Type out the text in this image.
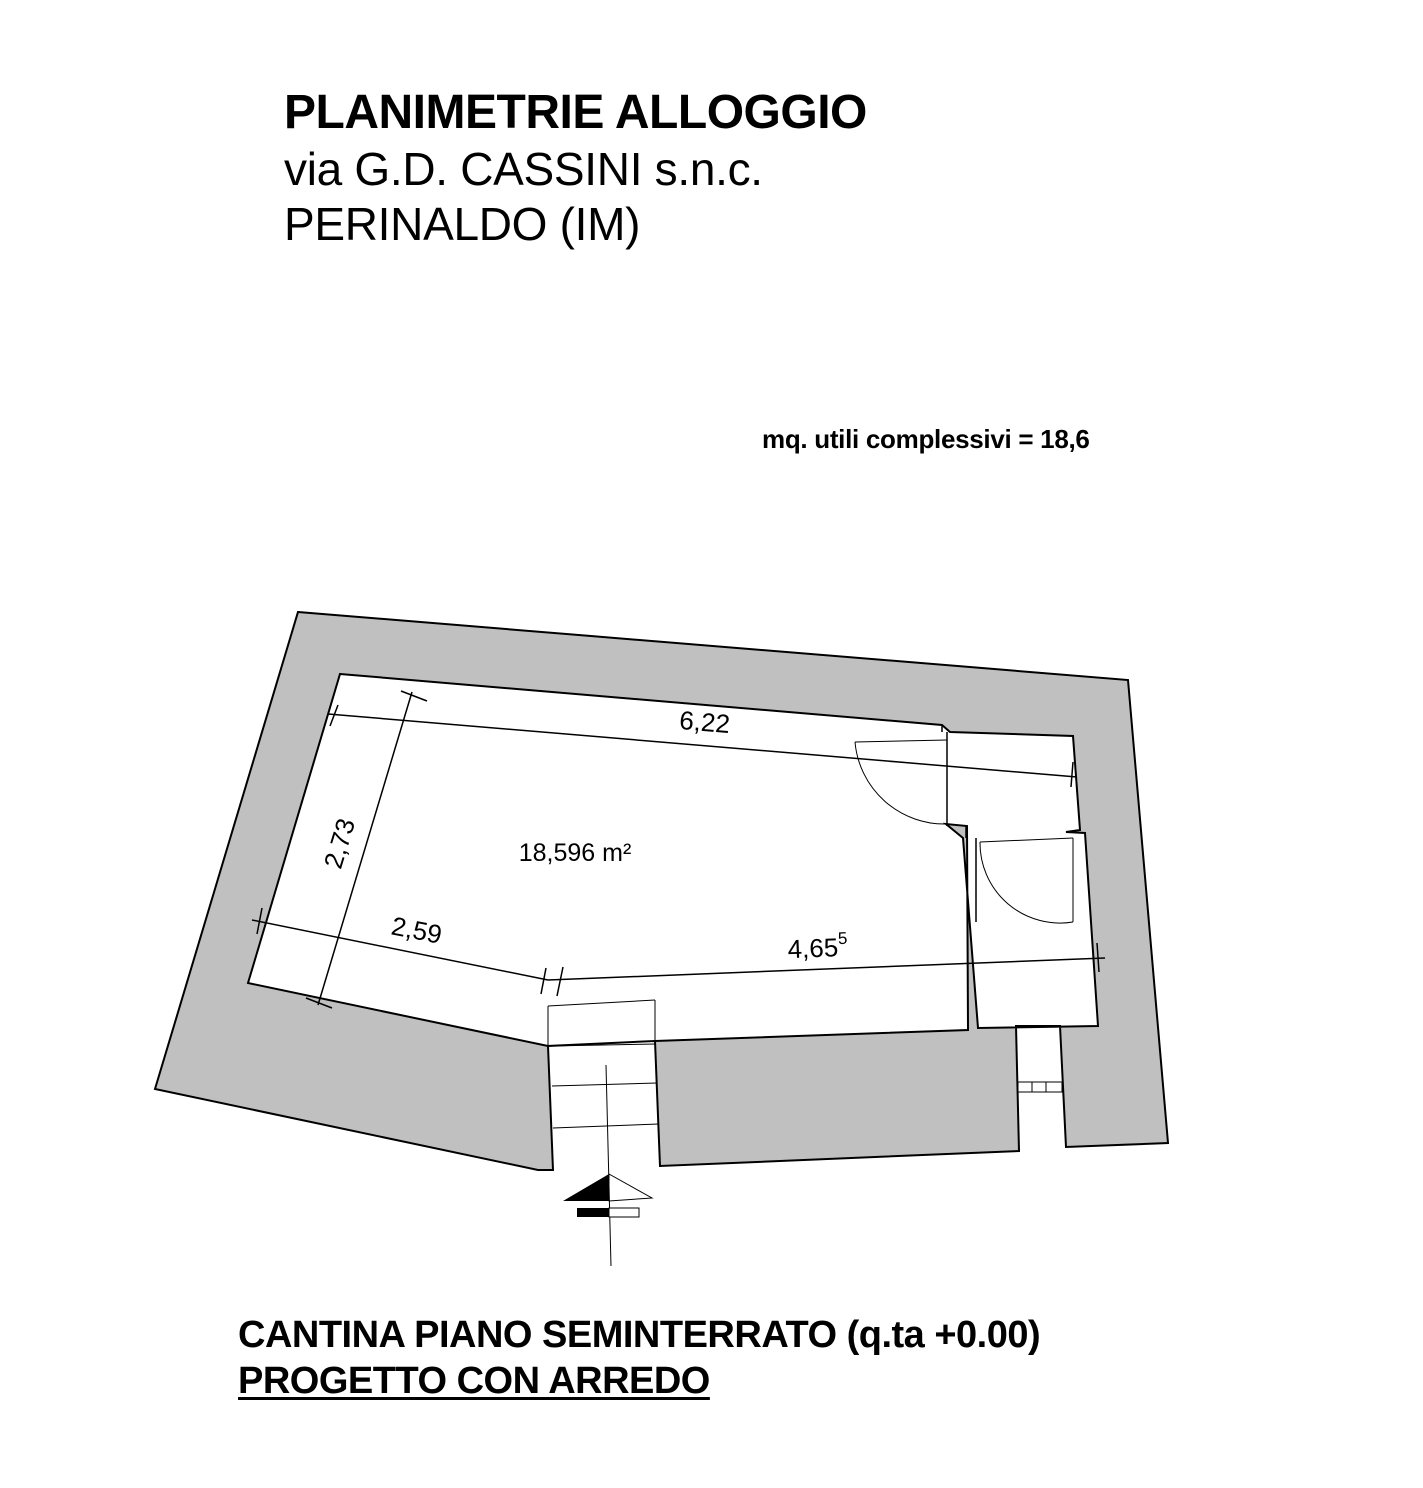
PLANIMETRIE ALLOGGIO
via G.D. CASSINI s.n.c.
PERINALDO (IM)
mq. utili complessivi = 18,6
6,22
2,73
2,59	4,65$^5$
18,596 m²
CANTINA PIANO SEMINTERRATO (q.ta +0.00)
PROGETTO CON ARREDO
